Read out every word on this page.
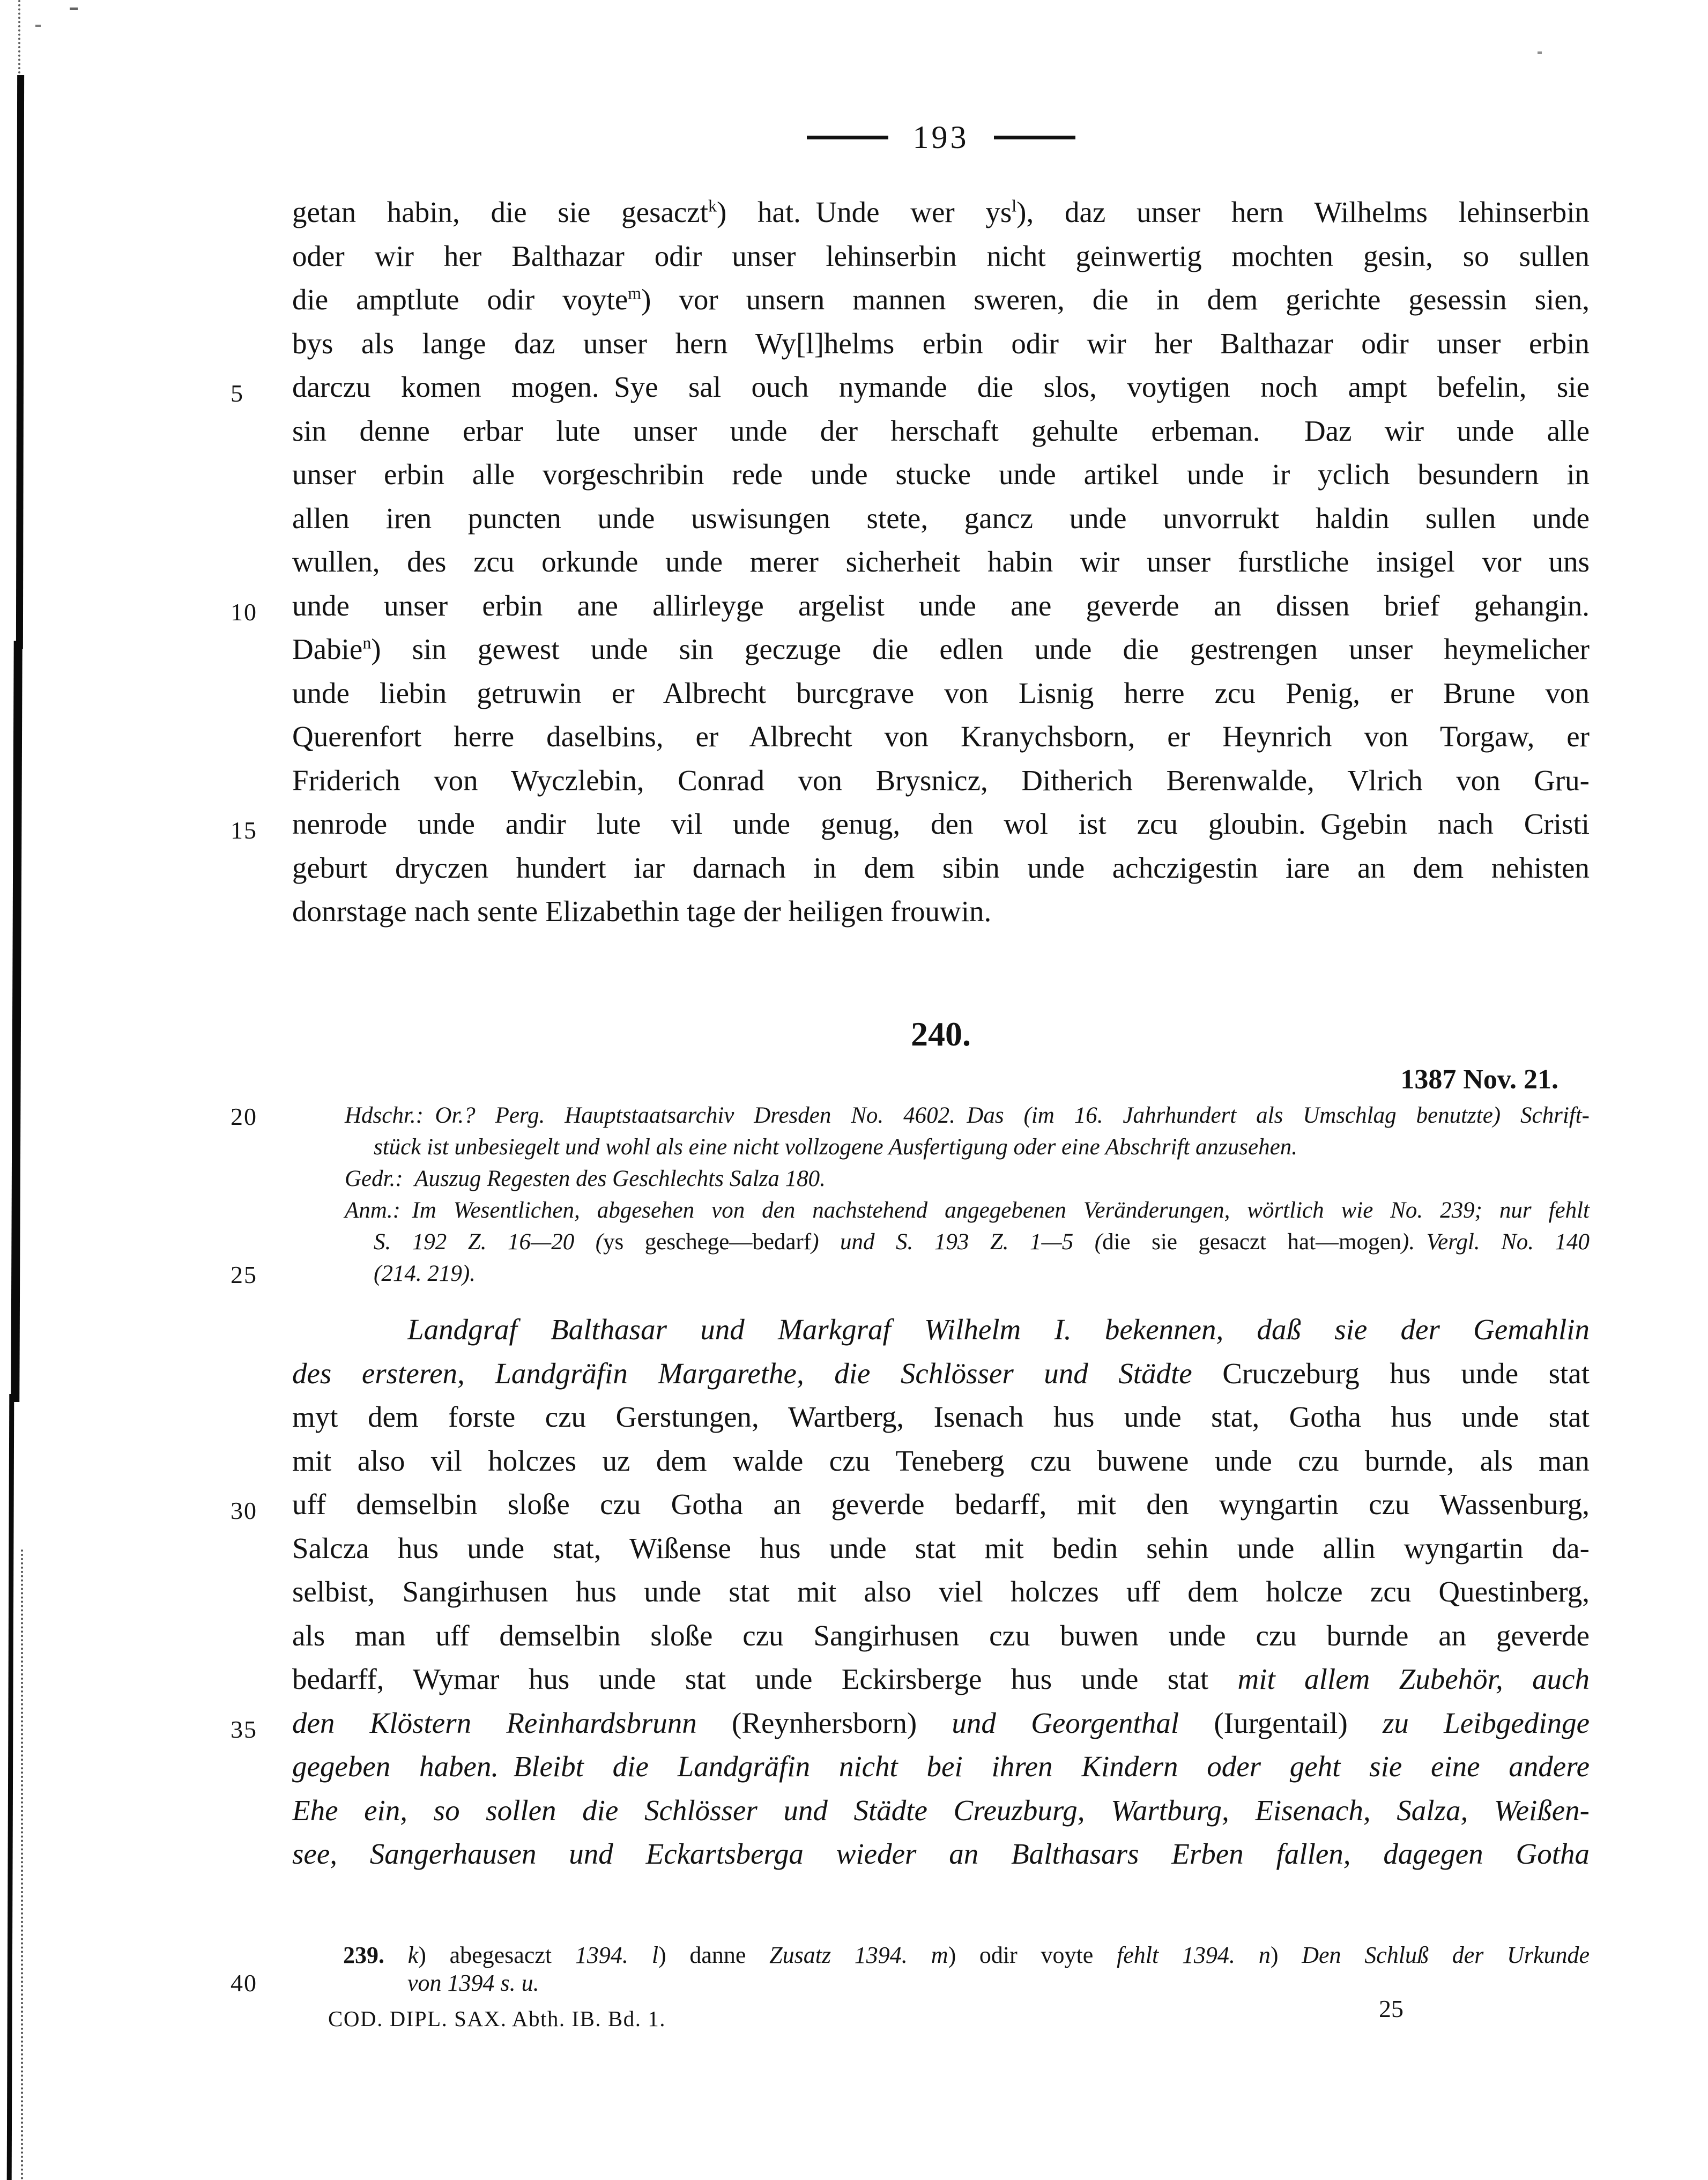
193
getan habin, die sie gesaczt$^k$) hat. Unde wer $ys^l$), daz unser hern Wilhelms lehinserbin
oder wir her Balthazar odir unser lehinserbin nicht geinwertig mochten gesin, so sullen
die amptlute odir voyte$^m$) vor unsern mannen sweren, die in dem gerichte gesessin sien,
bys als lange daz unser hern Wy[l]helms erbin odir wir her Balthazar odir unser erbin
5	darczu komen mogen. Sye sal ouch nymande die slos, voytigen noch ampt befelin, sie
sin denne erbar lute unser unde der herschaft gehulte erbeman.  Daz wir unde alle
unser erbin alle vorgeschribin rede unde stucke unde artikel unde ir yclich besundern in
allen iren puncten unde uswisungen stete, gancz unde unvorrukt haldin sullen unde
wullen, des zcu orkunde unde merer sicherheit habin wir unser furstliche insigel vor uns
10	unde unser erbin ane allirleyge argelist unde ane geverde an dissen brief gehangin.
Dabie$^n$) sin gewest unde sin geczuge die edlen unde die gestrengen unser heymelicher
unde liebin getruwin er Albrecht burcgrave von Lisnig herre zcu Penig, er Brune von
Querenfort herre daselbins, er Albrecht von Kranychsborn, er Heynrich von Torgaw, er
Friderich von Wyczlebin, Conrad von Brysnicz, Ditherich Berenwalde, Vlrich von Gru-
15	nenrode unde andir lute vil unde genug, den wol ist zcu gloubin. Ggebin nach Cristi
geburt dryczen hundert iar darnach in dem sibin unde achczigestin iare an dem nehisten
donrstage nach sente Elizabethin tage der heiligen frouwin.
240.
1387 Nov. 21.
20	Hdschr.: Or.? Perg. Hauptstaatsarchiv Dresden No. 4602. Das (im 16. Jahrhundert als Umschlag benutzte) Schrift-
stück ist unbesiegelt und wohl als eine nicht vollzogene Ausfertigung oder eine Abschrift anzusehen.
Gedr.: Auszug Regesten des Geschlechts Salza 180.
Anm.: Im Wesentlichen, abgesehen von den nachstehend angegebenen Veränderungen, wörtlich wie No. 239; nur fehlt
S. 192 Z. 16—20 (ys geschege—bedarf) und S. 193 Z. 1—5 (die sie gesaczt hat—mogen). Vergl. No. 140
25	(214. 219).
Landgraf Balthasar und Markgraf Wilhelm I. bekennen, daß sie der Gemahlin
des ersteren, Landgräfin Margarethe, die Schlösser und Städte Cruczeburg hus unde stat
myt dem forste czu Gerstungen, Wartberg, Isenach hus unde stat, Gotha hus unde stat
mit also vil holczes uz dem walde czu Teneberg czu buwene unde czu burnde, als man
30	uff demselbin sloße czu Gotha an geverde bedarff, mit den wyngartin czu Wassenburg,
Salcza hus unde stat, Wißense hus unde stat mit bedin sehin unde allin wyngartin da-
selbist, Sangirhusen hus unde stat mit also viel holczes uff dem holcze zcu Questinberg,
als man uff demselbin sloße czu Sangirhusen czu buwen unde czu burnde an geverde
bedarff, Wymar hus unde stat unde Eckirsberge hus unde stat mit allem Zubehör, auch
35	den Klöstern Reinhardsbrunn (Reynhersborn) und Georgenthal (Iurgentail) zu Leibgedinge
gegeben haben. Bleibt die Landgräfin nicht bei ihren Kindern oder geht sie eine andere
Ehe ein, so sollen die Schlösser und Städte Creuzburg, Wartburg, Eisenach, Salza, Weißen-
see, Sangerhausen und Eckartsberga wieder an Balthasars Erben fallen, dagegen Gotha
239. k) abegesaczt 1394.  l) danne Zusatz 1394.  m) odir voyte fehlt 1394.  n) Den Schluß der Urkunde
40	von 1394 s. u.
COD. DIPL. SAX. Abth. IB. Bd. 1.	25
